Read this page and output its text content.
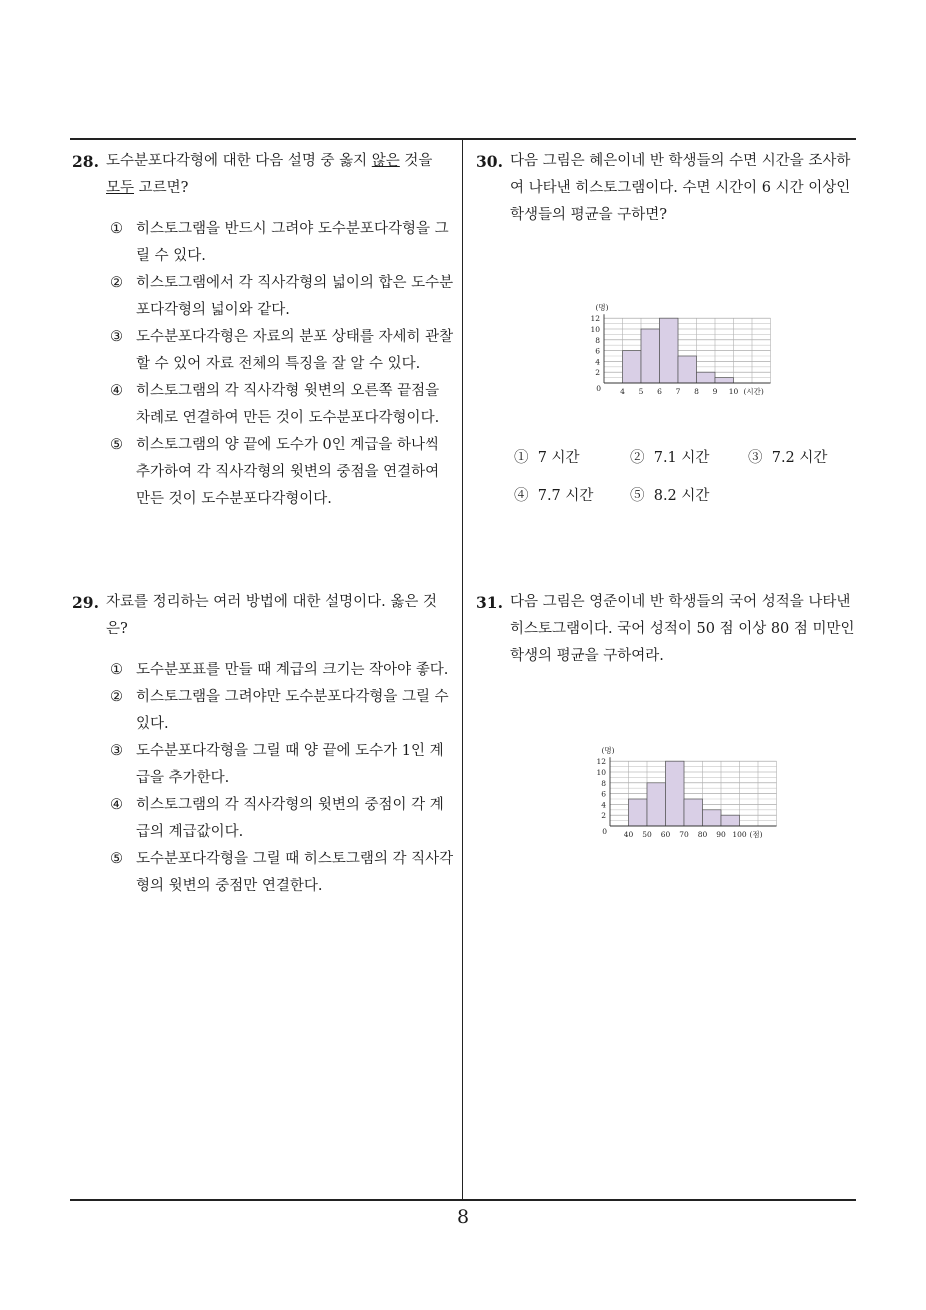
28. 도수분포다각형에 대한 다음 설명 중 옳지 않은 것을
모두 고르면?
① 히스토그램을 반드시 그려야 도수분포다각형을 그릴 수 있다.
② 히스토그램에서 각 직사각형의 넓이의 합은 도수분포다각형의 넓이와 같다.
③ 도수분포다각형은 자료의 분포 상태를 자세히 관찰할 수 있어 자료 전체의 특징을 잘 알 수 있다.
④ 히스토그램의 각 직사각형 윗변의 오른쪽 끝점을 차례로 연결하여 만든 것이 도수분포다각형이다.
⑤ 히스토그램의 양 끝에 도수가 0인 계급을 하나씩 추가하여 각 직사각형의 윗변의 중점을 연결하여 만든 것이 도수분포다각형이다.
29. 자료를 정리하는 여러 방법에 대한 설명이다. 옳은 것은?
① 도수분포표를 만들 때 계급의 크기는 작아야 좋다.
② 히스토그램을 그려야만 도수분포다각형을 그릴 수 있다.
③ 도수분포다각형을 그릴 때 양 끝에 도수가 1인 계급을 추가한다.
④ 히스토그램의 각 직사각형의 윗변의 중점이 각 계급의 계급값이다.
⑤ 도수분포다각형을 그릴 때 히스토그램의 각 직사각형의 윗변의 중점만 연결한다.
30. 다음 그림은 혜은이네 반 학생들의 수면 시간을 조사하여 나타낸 히스토그램이다. 수면 시간이 6 시간 이상인 학생들의 평균을 구하면?
0
2
4
6
8
10
12
4 5 6 7 8 9 10
(명)
(시간)
① 7 시간	② 7.1 시간	③ 7.2 시간
④ 7.7 시간	⑤ 8.2 시간
31. 다음 그림은 영준이네 반 학생들의 국어 성적을 나타낸 히스토그램이다. 국어 성적이 50 점 이상 80 점 미만인 학생의 평균을 구하여라.
0
2
4
6
8
10
12
40 50 60 70 80 90 100
(명)
(점)
8
